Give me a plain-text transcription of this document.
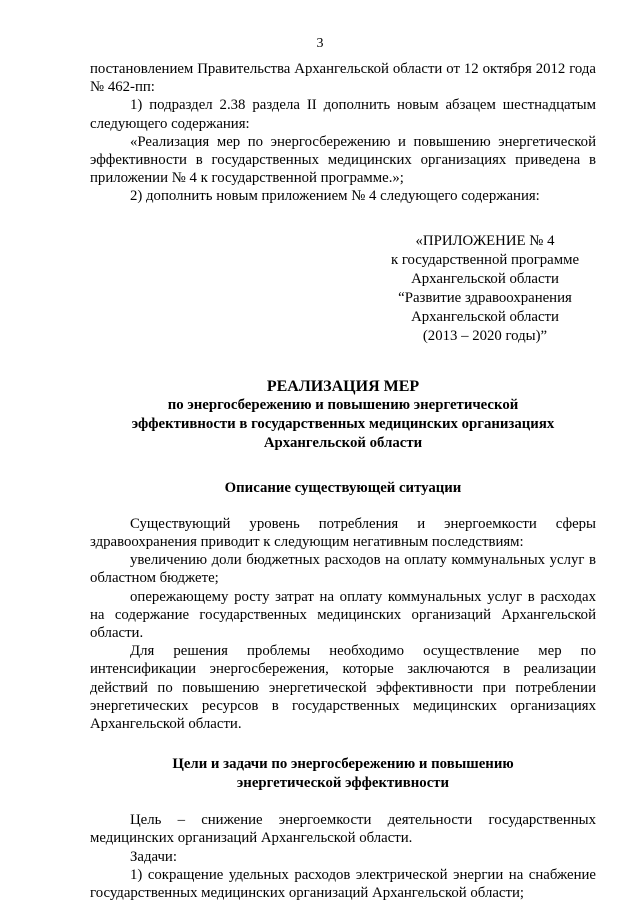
3

постановлением Правительства Архангельской области от 12 октября 2012 года № 462-пп:

1) подраздел 2.38 раздела II дополнить новым абзацем шестнадцатым следующего содержания:

«Реализация мер по энергосбережению и повышению энергетической эффективности в государственных медицинских организациях приведена в приложении № 4 к государственной программе.»;

2) дополнить новым приложением № 4 следующего содержания:

«ПРИЛОЖЕНИЕ № 4
к государственной программе
Архангельской области
“Развитие здравоохранения
Архангельской области
(2013 – 2020 годы)”
РЕАЛИЗАЦИЯ МЕР
по энергосбережению и повышению энергетической
эффективности в государственных медицинских организациях
Архангельской области
Описание существующей ситуации

Существующий уровень потребления и энергоемкости сферы здравоохранения приводит к следующим негативным последствиям:

увеличению доли бюджетных расходов на оплату коммунальных услуг в областном бюджете;

опережающему росту затрат на оплату коммунальных услуг в расходах на содержание государственных медицинских организаций Архангельской области.

Для решения проблемы необходимо осуществление мер по интенсификации энергосбережения, которые заключаются в реализации действий по повышению энергетической эффективности при потреблении энергетических ресурсов в государственных медицинских организациях Архангельской области.

Цели и задачи по энергосбережению и повышению
энергетической эффективности

Цель – снижение энергоемкости деятельности государственных медицинских организаций Архангельской области.

Задачи:

1) сокращение удельных расходов электрической энергии на снабжение государственных медицинских организаций Архангельской области;
